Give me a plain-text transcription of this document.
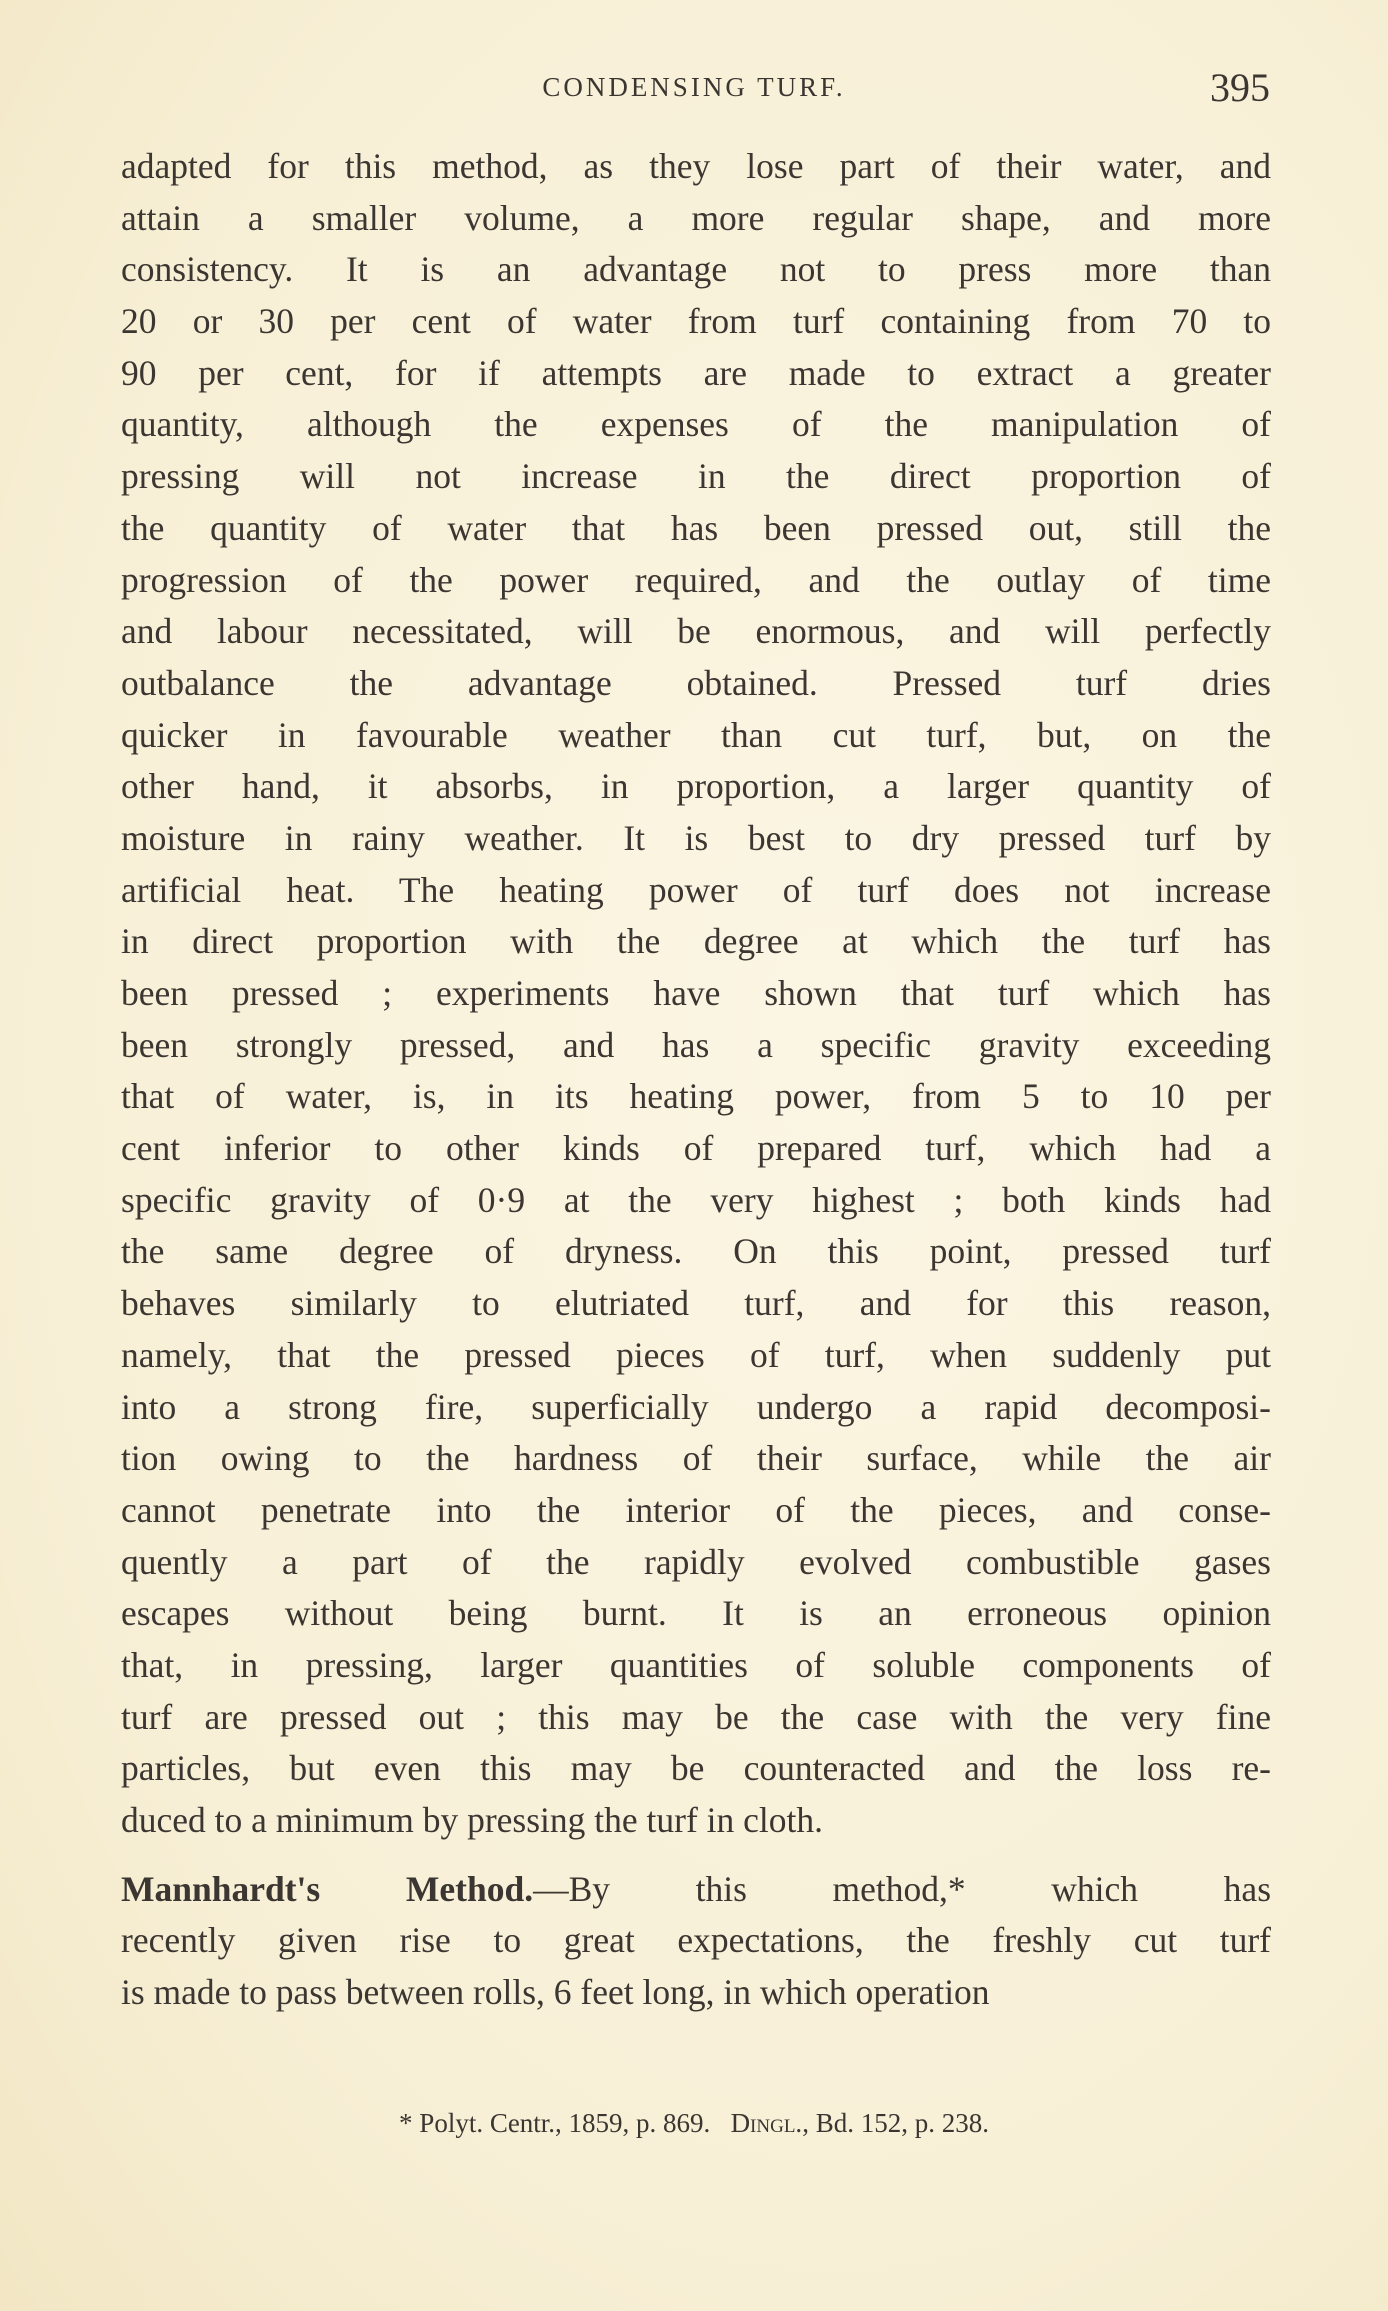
CONDENSING TURF.	395
adapted for this method, as they lose part of their water, and
attain a smaller volume, a more regular shape, and more
consistency. It is an advantage not to press more than
20 or 30 per cent of water from turf containing from 70 to
90 per cent, for if attempts are made to extract a greater
quantity, although the expenses of the manipulation of
pressing will not increase in the direct proportion of
the quantity of water that has been pressed out, still the
progression of the power required, and the outlay of time
and labour necessitated, will be enormous, and will perfectly
outbalance the advantage obtained. Pressed turf dries
quicker in favourable weather than cut turf, but, on the
other hand, it absorbs, in proportion, a larger quantity of
moisture in rainy weather. It is best to dry pressed turf by
artificial heat. The heating power of turf does not increase
in direct proportion with the degree at which the turf has
been pressed ; experiments have shown that turf which has
been strongly pressed, and has a specific gravity exceeding
that of water, is, in its heating power, from 5 to 10 per
cent inferior to other kinds of prepared turf, which had a
specific gravity of 0·9 at the very highest ; both kinds had
the same degree of dryness. On this point, pressed turf
behaves similarly to elutriated turf, and for this reason,
namely, that the pressed pieces of turf, when suddenly put
into a strong fire, superficially undergo a rapid decomposi-
tion owing to the hardness of their surface, while the air
cannot penetrate into the interior of the pieces, and conse-
quently a part of the rapidly evolved combustible gases
escapes without being burnt. It is an erroneous opinion
that, in pressing, larger quantities of soluble components of
turf are pressed out ; this may be the case with the very fine
particles, but even this may be counteracted and the loss re-
duced to a minimum by pressing the turf in cloth.
Mannhardt's Method.—By this method,* which has
recently given rise to great expectations, the freshly cut turf
is made to pass between rolls, 6 feet long, in which operation
* Polyt. Centr., 1859, p. 869. Dingl., Bd. 152, p. 238.
